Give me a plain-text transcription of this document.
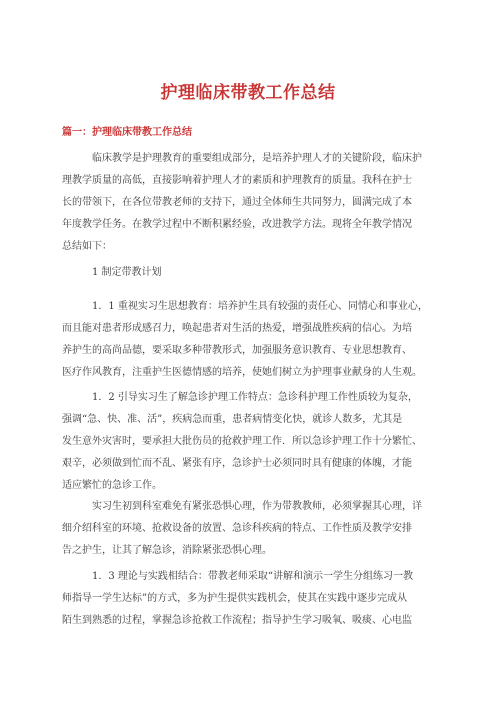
护理临床带教工作总结
篇一：护理临床带教工作总结
临床教学是护理教育的重要组成部分，是培养护理人才的关键阶段，临床护
理教学质量的高低，直接影响着护理人才的素质和护理教育的质量。我科在护士
长的带领下，在各位带教老师的支持下，通过全体师生共同努力，圆满完成了本
年度教学任务。在教学过程中不断积累经验，改进教学方法。现将全年教学情况
总结如下：
1 制定带教计划
1．1 重视实习生思想教育：培养护生具有较强的责任心、同情心和事业心，
而且能对患者形成感召力，唤起患者对生活的热爱，增强战胜疾病的信心。为培
养护生的高尚品德，要采取多种带教形式，加强服务意识教育、专业思想教育、
医疗作风教育，注重护生医德情感的培养，使她们树立为护理事业献身的人生观。
1．2 引导实习生了解急诊护理工作特点：急诊科护理工作性质较为复杂，
强调“急、快、准、活”，疾病急而重，患者病情变化快，就诊人数多，尤其是
发生意外灾害时，要承担大批伤员的抢救护理工作．所以急诊护理工作十分繁忙、
艰辛，必须做到忙而不乱、紧张有序，急诊护士必须同时具有健康的体魄，才能
适应繁忙的急诊工作。
实习生初到科室难免有紧张恐惧心理，作为带教教师，必须掌握其心理，详
细介绍科室的环境、抢救设备的放置、急诊科疾病的特点、工作性质及教学安排
告之护生，让其了解急诊，消除紧张恐惧心理。
1．3 理论与实践相结合：带教老师采取“讲解和演示一学生分组练习一教
师指导一学生达标”的方式，多为护生提供实践机会，使其在实践中逐步完成从
陌生到熟悉的过程，掌握急诊抢救工作流程；指导护生学习吸氧、吸痰、心电监
